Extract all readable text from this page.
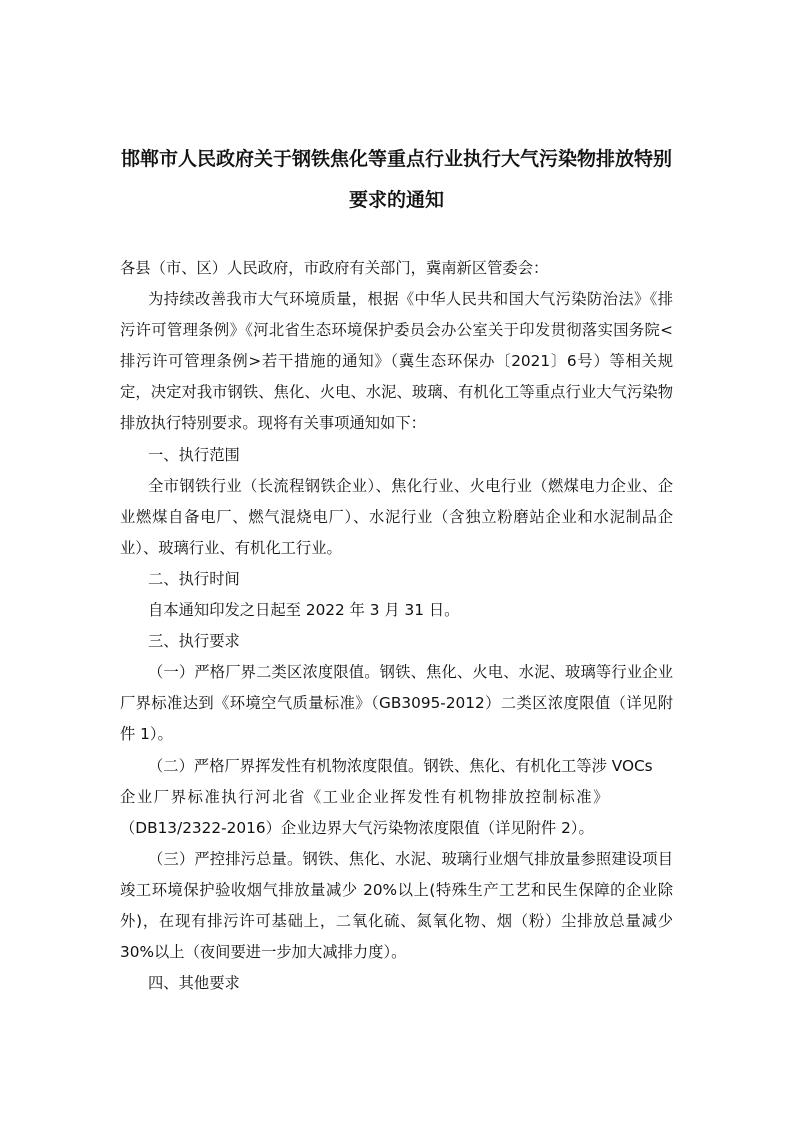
邯郸市人民政府关于钢铁焦化等重点行业执行大气污染物排放特别
要求的通知

各县（市、区）人民政府，市政府有关部门，冀南新区管委会：

为持续改善我市大气环境质量，根据《中华人民共和国大气污染防治法》《排污许可管理条例》《河北省生态环境保护委员会办公室关于印发贯彻落实国务院<排污许可管理条例>若干措施的通知》（冀生态环保办〔2021〕6号）等相关规定，决定对我市钢铁、焦化、火电、水泥、玻璃、有机化工等重点行业大气污染物排放执行特别要求。现将有关事项通知如下：

一、执行范围

全市钢铁行业（长流程钢铁企业）、焦化行业、火电行业（燃煤电力企业、企业燃煤自备电厂、燃气混烧电厂）、水泥行业（含独立粉磨站企业和水泥制品企业）、玻璃行业、有机化工行业。

二、执行时间

自本通知印发之日起至 2022 年 3 月 31 日。

三、执行要求

（一）严格厂界二类区浓度限值。钢铁、焦化、火电、水泥、玻璃等行业企业厂界标准达到《环境空气质量标准》（GB3095-2012）二类区浓度限值（详见附件 1）。

（二）严格厂界挥发性有机物浓度限值。钢铁、焦化、有机化工等涉 VOCs

企业厂界标准执行河北省《工业企业挥发性有机物排放控制标准》

（DB13/2322-2016）企业边界大气污染物浓度限值（详见附件 2）。

（三）严控排污总量。钢铁、焦化、水泥、玻璃行业烟气排放量参照建设项目竣工环境保护验收烟气排放量减少 20%以上(特殊生产工艺和民生保障的企业除外)，在现有排污许可基础上，二氧化硫、氮氧化物、烟（粉）尘排放总量减少 30%以上（夜间要进一步加大减排力度）。

四、其他要求
